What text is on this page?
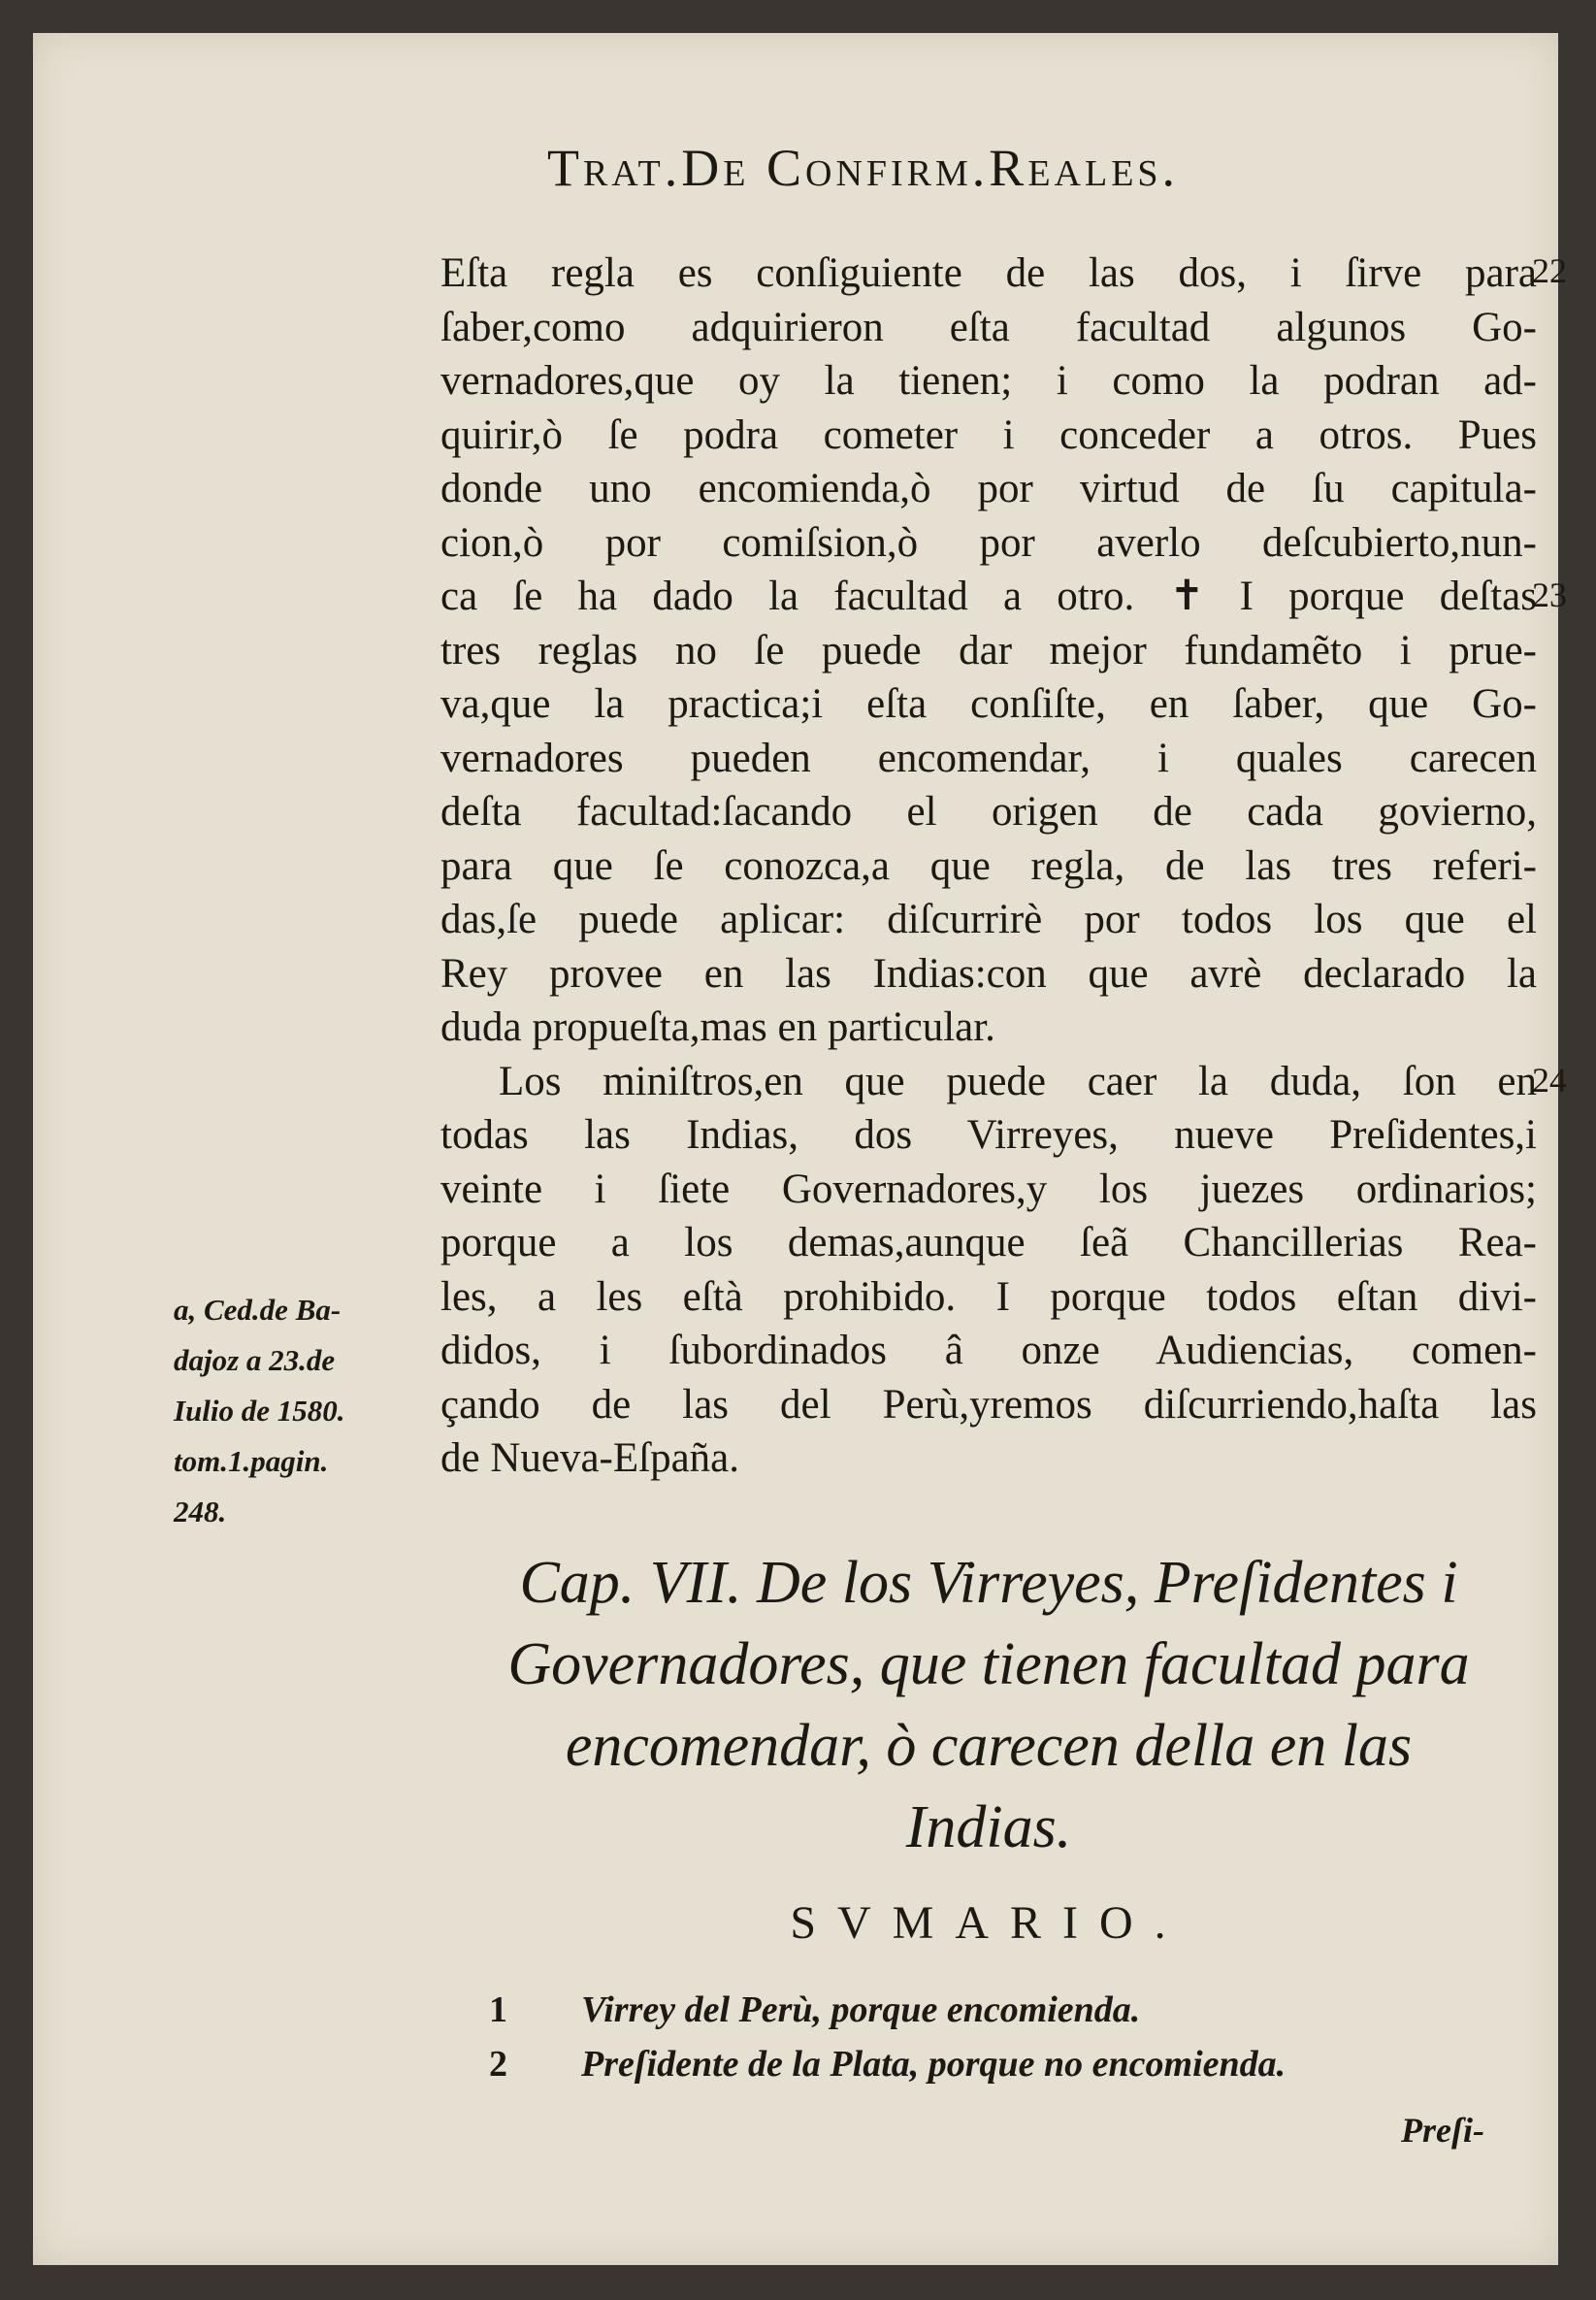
Trat.De Confirm.Reales.
Eſta regla es conſiguiente de las dos, i ſirve para
ſaber,como adquirieron eſta facultad algunos Go-
vernadores,que oy la tienen; i como la podran ad-
quirir,ò ſe podra cometer i conceder a otros. Pues
donde uno encomienda,ò por virtud de ſu capitula-
cion,ò por comiſsion,ò por averlo deſcubierto,nun-
ca ſe ha dado la facultad a otro. ✝ I porque deſtas
tres reglas no ſe puede dar mejor fundamẽto i prue-
va,que la practica;i eſta conſiſte, en ſaber, que Go-
vernadores pueden encomendar, i quales carecen
deſta facultad:ſacando el origen de cada govierno,
para que ſe conozca,a que regla, de las tres referi-
das,ſe puede aplicar: diſcurrirè por todos los que el
Rey provee en las Indias:con que avrè declarado la
duda propueſta,mas en particular.
Los miniſtros,en que puede caer la duda, ſon en
todas las Indias, dos Virreyes, nueve Preſidentes,i
veinte i ſiete Governadores,y los juezes ordinarios;
porque a los demas,aunque ſeã Chancillerias Rea-
les, a les eſtà prohibido. I porque todos eſtan divi-
didos, i ſubordinados â onze Audiencias, comen-
çando de las del Perù,yremos diſcurriendo,haſta las
de Nueva-Eſpaña.
22
23
24
a, Ced.de Ba-
dajoz a 23.de
Iulio de 1580.
tom.1.pagin.
248.
Cap. VII. De los Virreyes, Preſidentes i
Governadores, que tienen facultad para
encomendar, ò carecen della en las
Indias.
SVMARIO.
1 Virrey del Perù, porque encomienda.
2 Preſidente de la Plata, porque no encomienda.
Preſi-
